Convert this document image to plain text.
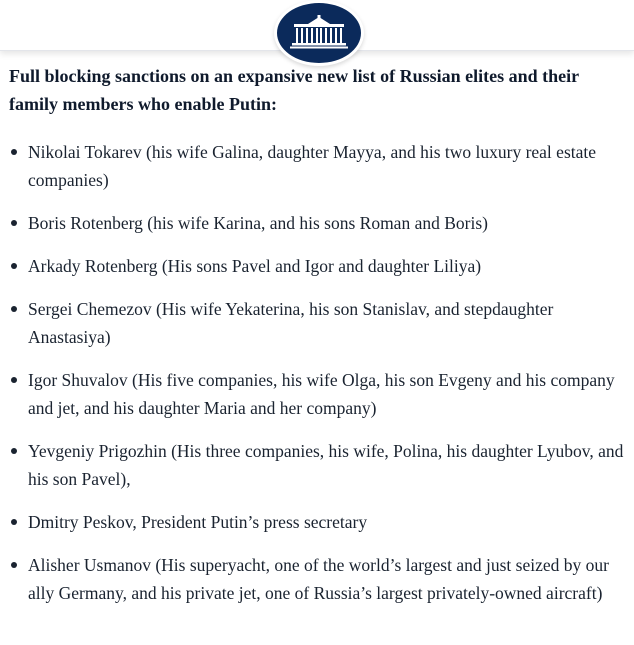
Full blocking sanctions on an expansive new list of Russian elites and their family members who enable Putin:

Nikolai Tokarev (his wife Galina, daughter Mayya, and his two luxury real estate companies)
Boris Rotenberg (his wife Karina, and his sons Roman and Boris)
Arkady Rotenberg (His sons Pavel and Igor and daughter Liliya)
Sergei Chemezov (His wife Yekaterina, his son Stanislav, and stepdaughter Anastasiya)
Igor Shuvalov (His five companies, his wife Olga, his son Evgeny and his company and jet, and his daughter Maria and her company)
Yevgeniy Prigozhin (His three companies, his wife, Polina, his daughter Lyubov, and his son Pavel),
Dmitry Peskov, President Putin’s press secretary
Alisher Usmanov (His superyacht, one of the world’s largest and just seized by our ally Germany, and his private jet, one of Russia’s largest privately-owned aircraft)
